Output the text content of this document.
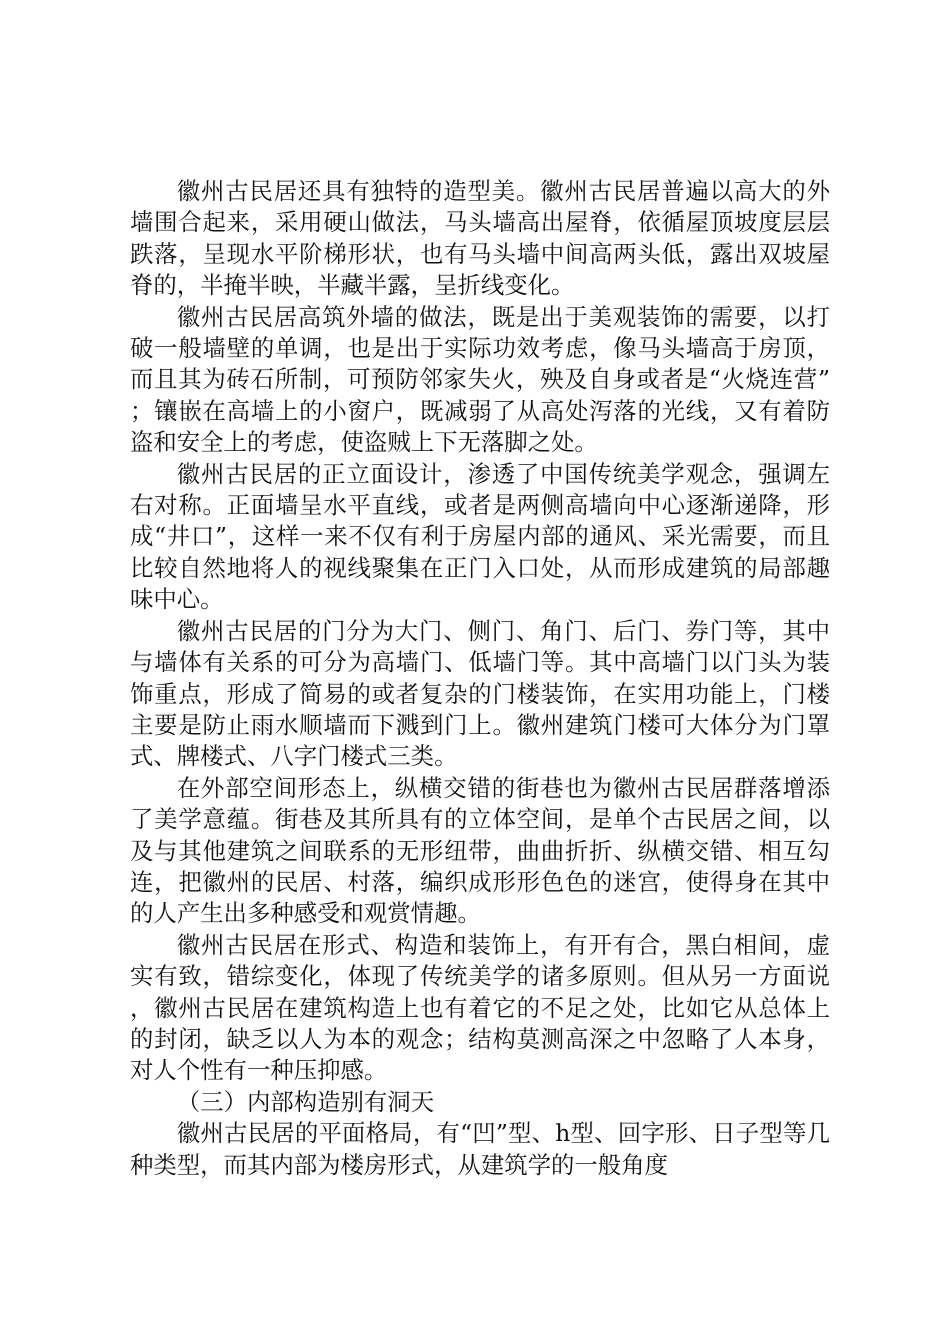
徽州古民居还具有独特的造型美。徽州古民居普遍以高大的外墙围合起来，采用硬山做法，马头墙高出屋脊，依循屋顶坡度层层跌落，呈现水平阶梯形状，也有马头墙中间高两头低，露出双坡屋脊的，半掩半映，半藏半露，呈折线变化。

徽州古民居高筑外墙的做法，既是出于美观装饰的需要，以打破一般墙壁的单调，也是出于实际功效考虑，像马头墙高于房顶，而且其为砖石所制，可预防邻家失火，殃及自身或者是“火烧连营”；镶嵌在高墙上的小窗户，既减弱了从高处泻落的光线，又有着防盗和安全上的考虑，使盗贼上下无落脚之处。

徽州古民居的正立面设计，渗透了中国传统美学观念，强调左右对称。正面墙呈水平直线，或者是两侧高墙向中心逐渐递降，形成“井口”，这样一来不仅有利于房屋内部的通风、采光需要，而且比较自然地将人的视线聚集在正门入口处，从而形成建筑的局部趣味中心。

徽州古民居的门分为大门、侧门、角门、后门、券门等，其中与墙体有关系的可分为高墙门、低墙门等。其中高墙门以门头为装饰重点，形成了简易的或者复杂的门楼装饰，在实用功能上，门楼主要是防止雨水顺墙而下溅到门上。徽州建筑门楼可大体分为门罩式、牌楼式、八字门楼式三类。

在外部空间形态上，纵横交错的街巷也为徽州古民居群落增添了美学意蕴。街巷及其所具有的立体空间，是单个古民居之间，以及与其他建筑之间联系的无形纽带，曲曲折折、纵横交错、相互勾连，把徽州的民居、村落，编织成形形色色的迷宫，使得身在其中的人产生出多种感受和观赏情趣。

徽州古民居在形式、构造和装饰上，有开有合，黑白相间，虚实有致，错综变化，体现了传统美学的诸多原则。但从另一方面说，徽州古民居在建筑构造上也有着它的不足之处，比如它从总体上的封闭，缺乏以人为本的观念；结构莫测高深之中忽略了人本身，对人个性有一种压抑感。

（三）内部构造别有洞天

徽州古民居的平面格局，有“凹”型、h型、回字形、日子型等几种类型，而其内部为楼房形式，从建筑学的一般角度
